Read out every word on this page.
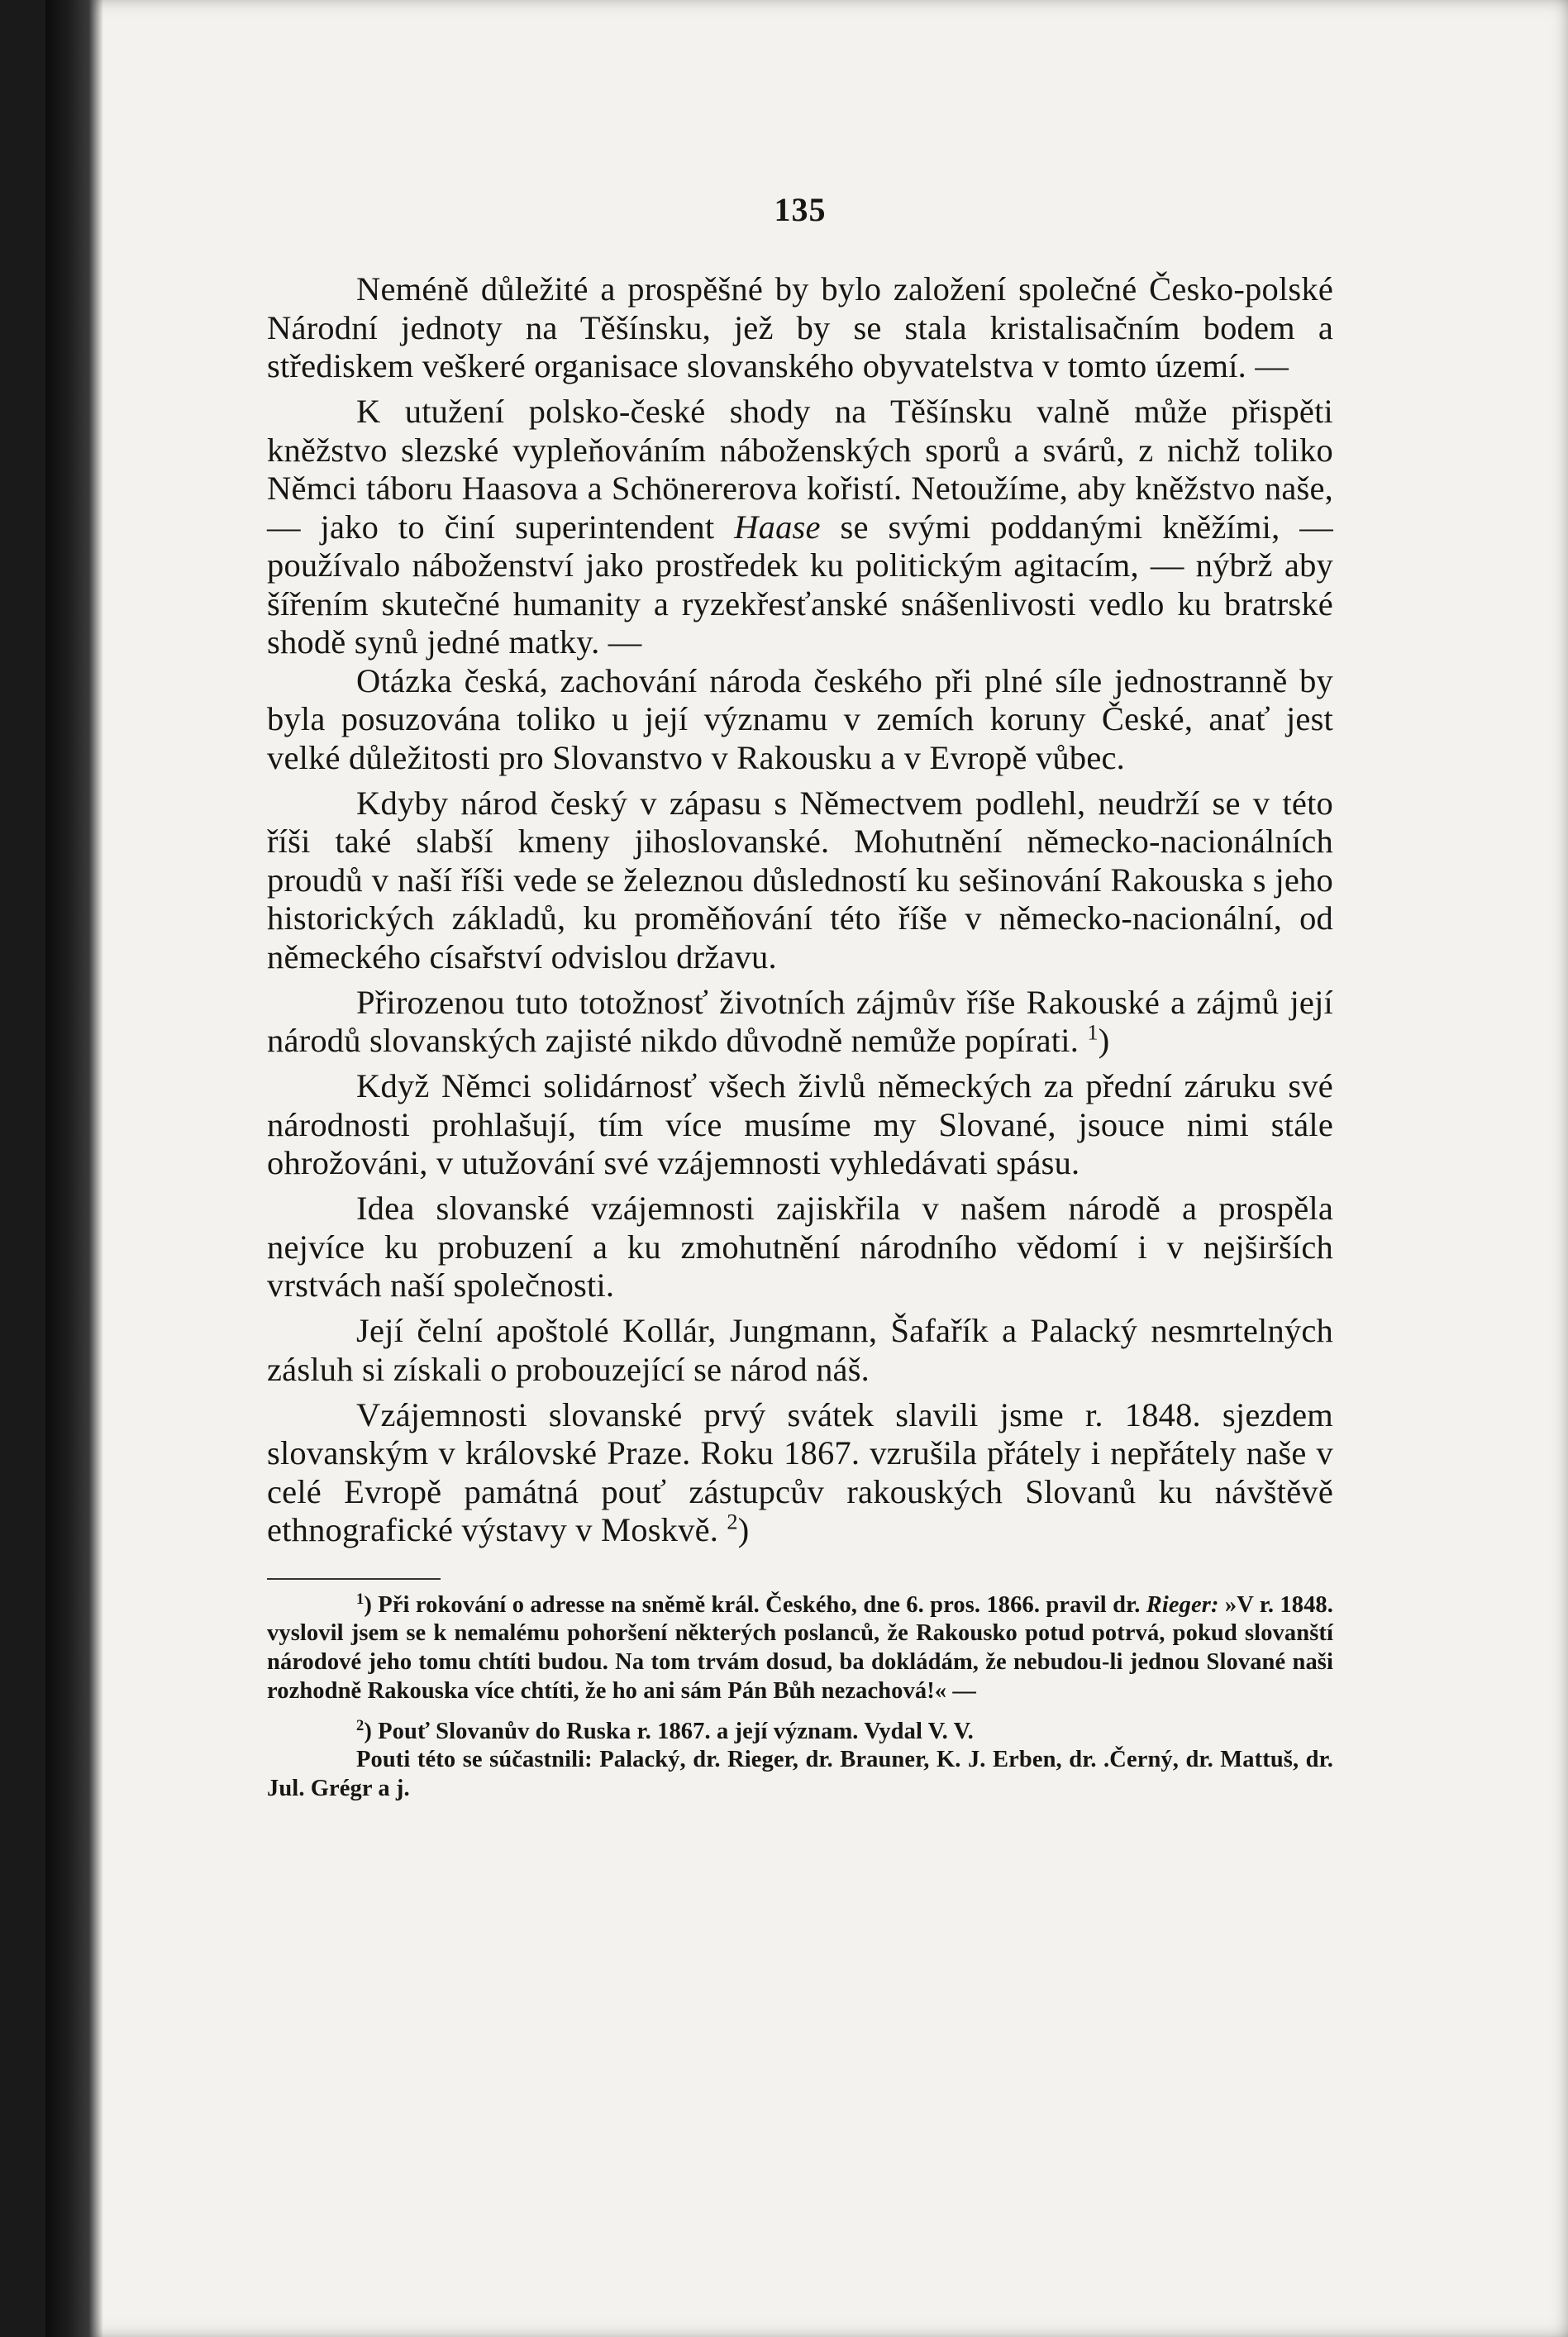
135

Neméně důležité a prospěšné by bylo založení společné Česko-polské Národní jednoty na Těšínsku, jež by se stala kristalisačním bodem a střediskem veškeré organisace slovanského obyvatelstva v tomto území. —

K utužení polsko-české shody na Těšínsku valně může přispěti kněžstvo slezské vypleňováním náboženských sporů a svárů, z nichž toliko Němci táboru Haasova a Schönererova kořistí. Netoužíme, aby kněžstvo naše, — jako to činí superintendent Haase se svými poddanými kněžími, — používalo náboženství jako prostředek ku politickým agitacím, — nýbrž aby šířením skutečné humanity a ryzekřesťanské snášenlivosti vedlo ku bratrské shodě synů jedné matky. —

Otázka česká, zachování národa českého při plné síle jednostranně by byla posuzována toliko u její významu v zemích koruny České, anať jest velké důležitosti pro Slovanstvo v Rakousku a v Evropě vůbec.

Kdyby národ český v zápasu s Němectvem podlehl, neudrží se v této říši také slabší kmeny jihoslovanské. Mohutnění německo-nacionálních proudů v naší říši vede se železnou důsledností ku sešinování Rakouska s jeho historických základů, ku proměňování této říše v německo-nacionální, od německého císařství odvislou državu.

Přirozenou tuto totožnosť životních zájmův říše Rakouské a zájmů její národů slovanských zajisté nikdo důvodně nemůže popírati. $^1$)

Když Němci solidárnosť všech živlů německých za přední záruku své národnosti prohlašují, tím více musíme my Slované, jsouce nimi stále ohrožováni, v utužování své vzájemnosti vyhledávati spásu.

Idea slovanské vzájemnosti zajiskřila v našem národě a prospěla nejvíce ku probuzení a ku zmohutnění národního vědomí i v nejširších vrstvách naší společnosti.

Její čelní apoštolé Kollár, Jungmann, Šafařík a Palacký nesmrtelných zásluh si získali o probouzející se národ náš.

Vzájemnosti slovanské prvý svátek slavili jsme r. 1848. sjezdem slovanským v královské Praze. Roku 1867. vzrušila přátely i nepřátely naše v celé Evropě památná pouť zástupcův rakouských Slovanů ku návštěvě ethnografické výstavy v Moskvě. $^2$)

$^1$) Při rokování o adresse na sněmě král. Českého, dne 6. pros. 1866. pravil dr. Rieger: »V r. 1848. vyslovil jsem se k nemalému pohoršení některých poslanců, že Rakousko potud potrvá, pokud slovanští národové jeho tomu chtíti budou. Na tom trvám dosud, ba dokládám, že nebudou-li jednou Slované naši rozhodně Rakouska více chtíti, že ho ani sám Pán Bůh nezachová!« —

$^2$) Pouť Slovanův do Ruska r. 1867. a její význam. Vydal V. V.

Pouti této se súčastnili: Palacký, dr. Rieger, dr. Brauner, K. J. Erben, dr. .Černý, dr. Mattuš, dr. Jul. Grégr a j.
